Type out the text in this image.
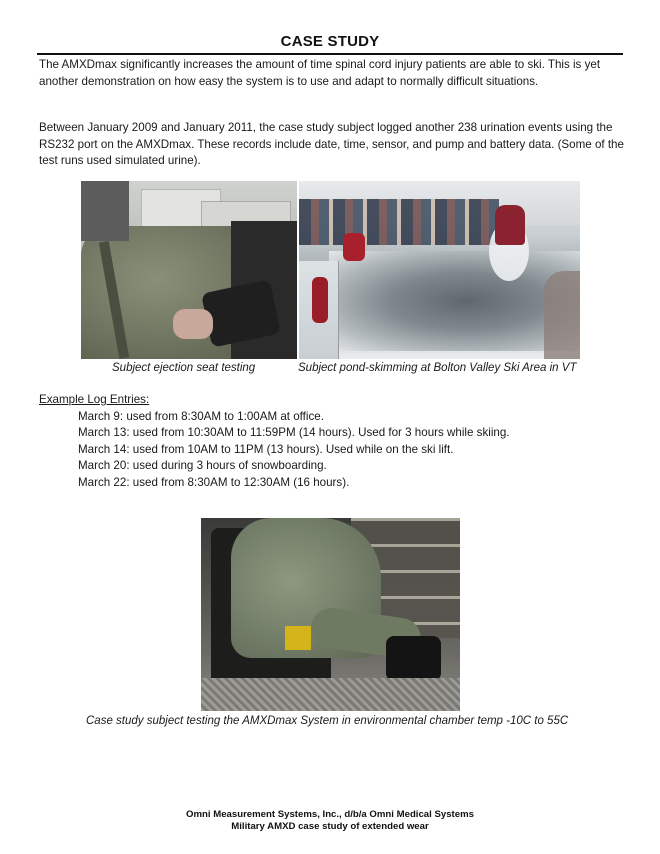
CASE STUDY

The AMXDmax significantly increases the amount of time spinal cord injury patients are able to ski. This is yet another demonstration on how easy the system is to use and adapt to normally difficult situations.

Between January 2009 and January 2011, the case study subject logged another 238 urination events using the RS232 port on the AMXDmax. These records include date, time, sensor, and pump and battery data. (Some of the test runs used simulated urine).

Subject ejection seat testing	Subject pond-skimming at Bolton Valley Ski Area in VT
Example Log Entries:
March 9: used from 8:30AM to 1:00AM at office.
March 13: used from 10:30AM to 11:59PM (14 hours). Used for 3 hours while skiing.
March 14: used from 10AM to 11PM (13 hours). Used while on the ski lift.
March 20: used during 3 hours of snowboarding.
March 22: used from 8:30AM to 12:30AM (16 hours).
Case study subject testing the AMXDmax System in environmental chamber temp -10C to 55C
Omni Measurement Systems, Inc., d/b/a Omni Medical Systems
Military AMXD case study of extended wear
